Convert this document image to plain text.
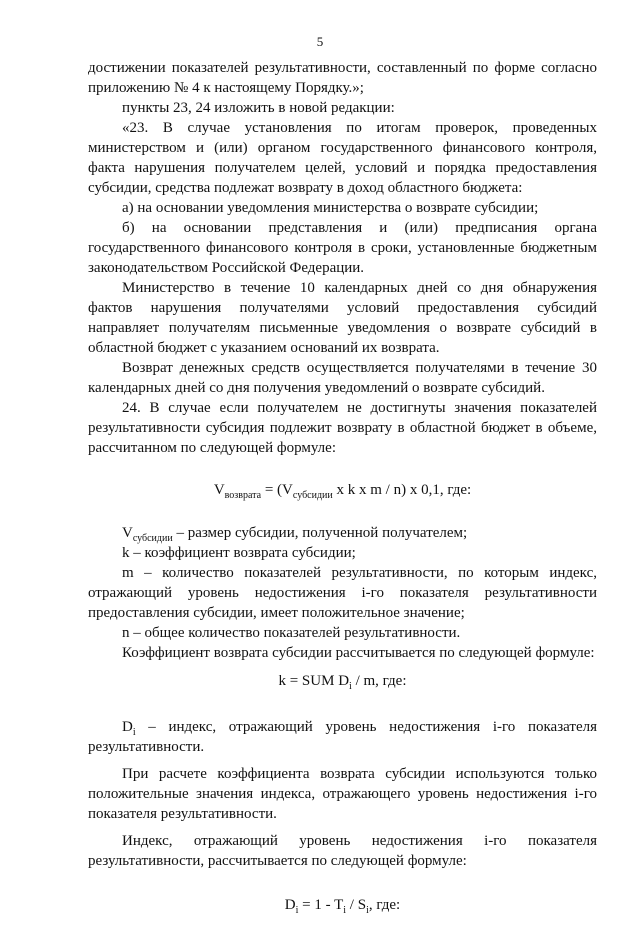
5

достижении показателей результативности, составленный по форме согласно приложению № 4 к настоящему Порядку.»;

пункты 23, 24 изложить в новой редакции:

«23. В случае установления по итогам проверок, проведенных министерством и (или) органом государственного финансового контроля, факта нарушения получателем целей, условий и порядка предоставления субсидии, средства подлежат возврату в доход областного бюджета:

а) на основании уведомления министерства о возврате субсидии;

б) на основании представления и (или) предписания органа государственного финансового контроля в сроки, установленные бюджетным законодательством Российской Федерации.

Министерство в течение 10 календарных дней со дня обнаружения фактов нарушения получателями условий предоставления субсидий направляет получателям письменные уведомления о возврате субсидий в областной бюджет с указанием оснований их возврата.

Возврат денежных средств осуществляется получателями в течение 30 календарных дней со дня получения уведомлений о возврате субсидий.

24. В случае если получателем не достигнуты значения показателей результативности субсидия подлежит возврату в областной бюджет в объеме, рассчитанном по следующей формуле:

$V_{возврата} = (V_{субсидии}$ x k x m / n) x 0,1, где:

$V_{субсидии}$ – размер субсидии, полученной получателем;

k – коэффициент возврата субсидии;

m – количество показателей результативности, по которым индекс, отражающий уровень недостижения i-го показателя результативности предоставления субсидии, имеет положительное значение;

n – общее количество показателей результативности.

Коэффициент возврата субсидии рассчитывается по следующей формуле:

k = SUM $D_i$ / m, где:

$D_i$ – индекс, отражающий уровень недостижения i-го показателя результативности.

При расчете коэффициента возврата субсидии используются только положительные значения индекса, отражающего уровень недостижения i-го показателя результативности.

Индекс, отражающий уровень недостижения i-го показателя результативности, рассчитывается по следующей формуле:

$D_i = 1 - T_i / S_i$, где:
